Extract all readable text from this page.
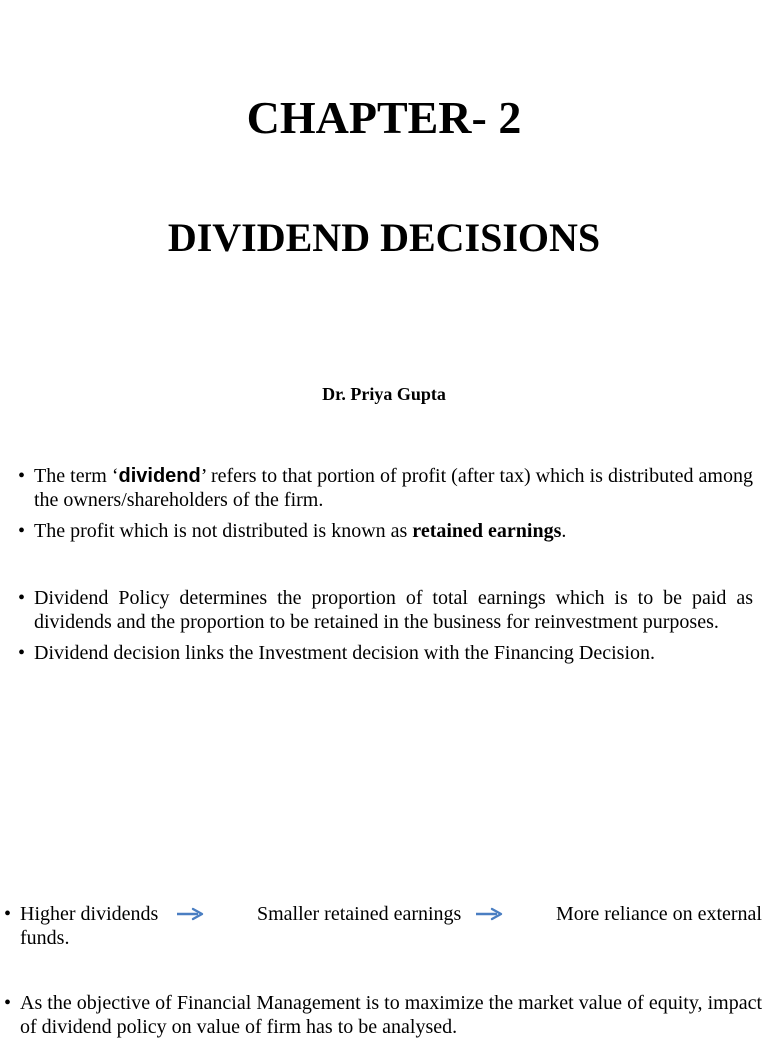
CHAPTER- 2
DIVIDEND DECISIONS
Dr. Priya Gupta
• The term ‘dividend’ refers to that portion of profit (after tax) which is distributed among the owners/shareholders of the firm.
• The profit which is not distributed is known as retained earnings.
• Dividend Policy determines the proportion of total earnings which is to be paid as dividends and the proportion to be retained in the business for reinvestment purposes.
• Dividend decision links the Investment decision with the Financing Decision.
• Higher dividends	Smaller retained earnings	More reliance on external
funds.
• As the objective of Financial Management is to maximize the market value of equity, impact of dividend policy on value of firm has to be analysed.
